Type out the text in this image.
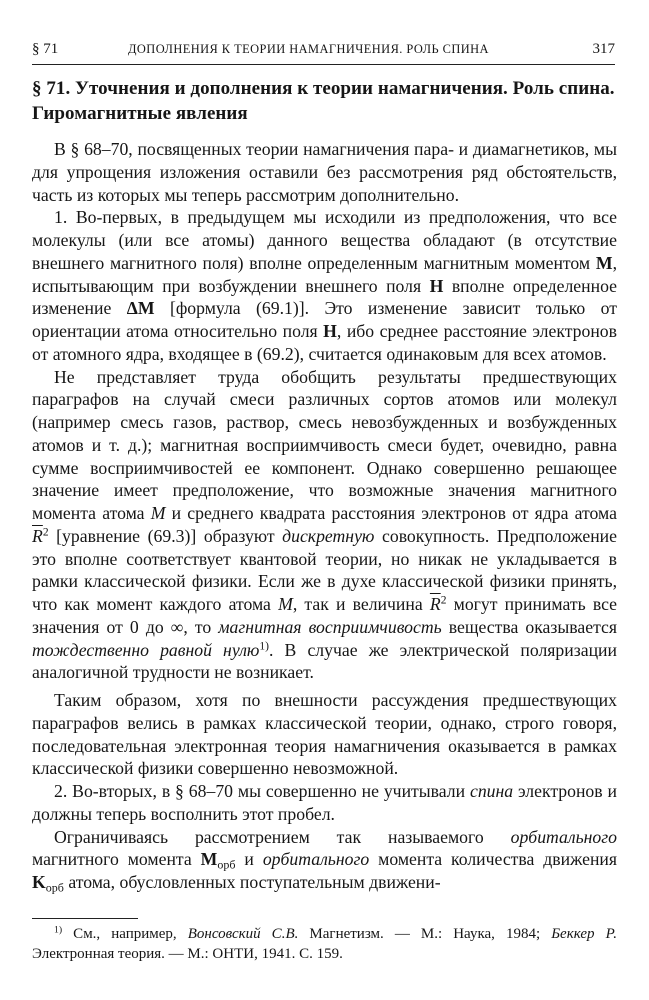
§ 71	ДОПОЛНЕНИЯ К ТЕОРИИ НАМАГНИЧЕНИЯ. РОЛЬ СПИНА	317
§ 71. Уточнения и дополнения к теории намагничения. Роль спина. Гиромагнитные явления

В § 68–70, посвященных теории намагничения пара- и диамагнетиков, мы для упрощения изложения оставили без рассмотрения ряд обстоятельств, часть из которых мы теперь рассмотрим дополнительно.

1. Во-первых, в предыдущем мы исходили из предположения, что все молекулы (или все атомы) данного вещества обладают (в отсутствие внешнего магнитного поля) вполне определенным магнитным моментом M, испытывающим при возбуждении внешнего поля H вполне определенное изменение ΔM [формула (69.1)]. Это изменение зависит только от ориентации атома относительно поля H, ибо среднее расстояние электронов от атомного ядра, входящее в (69.2), считается одинаковым для всех атомов.

Не представляет труда обобщить результаты предшествующих параграфов на случай смеси различных сортов атомов или молекул (например смесь газов, раствор, смесь невозбужденных и возбужденных атомов и т. д.); магнитная восприимчивость смеси будет, очевидно, равна сумме восприимчивостей ее компонент. Однако совершенно решающее значение имеет предположение, что возможные значения магнитного момента атома M и среднего квадрата расстояния электронов от ядра атома $\overline{R}^2$ [уравнение (69.3)] образуют дискретную совокупность. Предположение это вполне соответствует квантовой теории, но никак не укладывается в рамки классической физики. Если же в духе классической физики принять, что как момент каждого атома M, так и величина $\overline{R}^2$ могут принимать все значения от 0 до ∞, то магнитная восприимчивость вещества оказывается тождественно равной нулю$^{1)}$. В случае же электрической поляризации аналогичной трудности не возникает.

Таким образом, хотя по внешности рассуждения предшествующих параграфов велись в рамках классической теории, однако, строго говоря, последовательная электронная теория намагничения оказывается в рамках классической физики совершенно невозможной.

2. Во-вторых, в § 68–70 мы совершенно не учитывали спина электронов и должны теперь восполнить этот пробел.

Ограничиваясь рассмотрением так называемого орбитального магнитного момента $M_{орб}$ и орбитального момента количества движения $K_{орб}$ атома, обусловленных поступательным движени-

$^{1)}$ См., например, Вонсовский С.В. Магнетизм. — М.: Наука, 1984; Беккер Р. Электронная теория. — М.: ОНТИ, 1941. С. 159.
